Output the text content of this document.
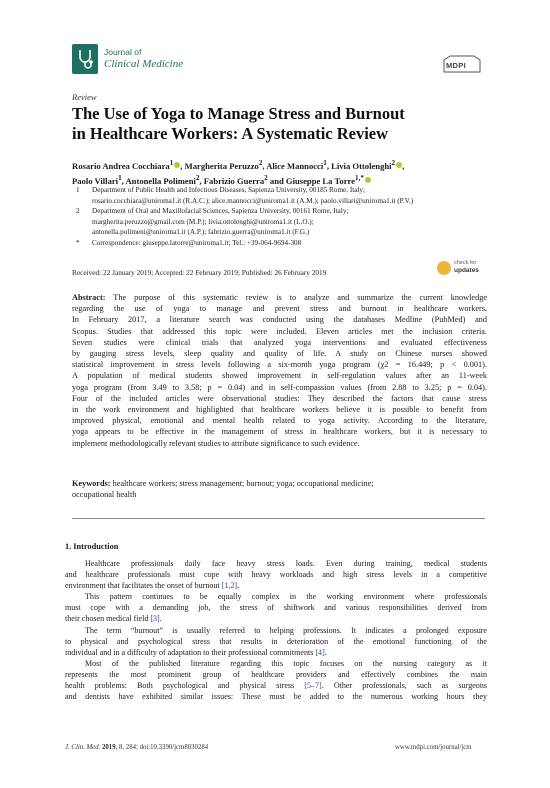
Journal of
Clinical Medicine	MDPI
Review
The Use of Yoga to Manage Stress and Burnout
in Healthcare Workers: A Systematic Review
Rosario Andrea Cocchiara$^1$ , Margherita Peruzzo$^2$, Alice Mannocci$^1$, Livia Ottolenghi$^2$ ,
Paolo Villari$^1$, Antonella Polimeni$^2$, Fabrizio Guerra$^2$ and Giuseppe La Torre$^{1,*}$
1 Department of Public Health and Infectious Diseases, Sapienza University, 00185 Rome, Italy;
rosario.cocchiara@uniroma1.it (R.A.C.); alice.mannocci@uniroma1.it (A.M.); paolo.villari@uniroma1.it (P.V.)
2 Department of Oral and Maxillofacial Sciences, Sapienza University, 00161 Rome, Italy;
margherita.peruzzo@gmail.com (M.P.); livia.ottolenghi@uniroma1.it (L.O.);
antonella.polimeni@uniroma1.it (A.P.); fabrizio.guerra@uniroma1.it (F.G.)
* Correspondence: giuseppe.latorre@uniroma1.it; Tel.: +39-064-9694-308
Received: 22 January 2019; Accepted: 22 February 2019; Published: 26 February 2019
check for
updates
Abstract: The purpose of this systematic review is to analyze and summarize the current knowledge
regarding the use of yoga to manage and prevent stress and burnout in healthcare workers.
In February 2017, a literature search was conducted using the databases Medline (PubMed) and
Scopus. Studies that addressed this topic were included. Eleven articles met the inclusion criteria.
Seven studies were clinical trials that analyzed yoga interventions and evaluated effectiveness
by gauging stress levels, sleep quality and quality of life. A study on Chinese nurses showed
statistical improvement in stress levels following a six-month yoga program (χ2 = 16.449; p < 0.001).
A population of medical students showed improvement in self-regulation values after an 11-week
yoga program (from 3.49 to 3.58; p = 0.04) and in self-compassion values (from 2.88 to 3.25; p = 0.04).
Four of the included articles were observational studies: They described the factors that cause stress
in the work environment and highlighted that healthcare workers believe it is possible to benefit from
improved physical, emotional and mental health related to yoga activity. According to the literature,
yoga appears to be effective in the management of stress in healthcare workers, but it is necessary to
implement methodologically relevant studies to attribute significance to such evidence.
Keywords: healthcare workers; stress management; burnout; yoga; occupational medicine;
occupational health
1. Introduction
Healthcare professionals daily face heavy stress loads. Even during training, medical students
and healthcare professionals must cope with heavy workloads and high stress levels in a competitive
environment that facilitates the onset of burnout [1,2].
This pattern continues to be equally complex in the working environment where professionals
must cope with a demanding job, the stress of shiftwork and various responsibilities derived from
their chosen medical field [3].
The term “burnout” is usually referred to helping professions. It indicates a prolonged exposure
to physical and psychological stress that results in deterioration of the emotional functioning of the
individual and in a difficulty of adaptation to their professional commitments [4].
Most of the published literature regarding this topic focuses on the nursing category as it
represents the most prominent group of healthcare providers and effectively combines the main
health problems: Both psychological and physical stress [5–7]. Other professionals, such as surgeons
and dentists have exhibited similar issues: These must be added to the numerous working hours they
J. Clin. Med. 2019, 8, 284; doi:10.3390/jcm8030284	www.mdpi.com/journal/jcm
